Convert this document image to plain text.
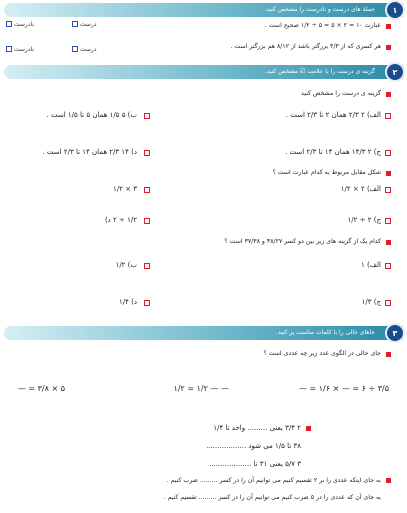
جملهٔ های درست و نادرست را مشخص کنید.	۱
عبارت ۱۰ = ۲ × ۵ = ۵ ÷ ۱/۲ صحیح است .
نادرست	درست
هر کسری که از ۴/۳ بزرگتر باشد از ۸/۱۲ هم بزرگتر است .
نادرست	درست
گزینه ی درست را با علامت ☑ مشخص کنید.	۲
گزینه ی درست را مشخص کنید
الف) ۲ ۲/۳ همان ۲ تا ۲/۳ است .
ب) ۵ ۱/۵ همان ۵ تا ۱/۵ است .
ج) ۲ ۱۴/۳ همان ۱۴ تا ۲/۳ است .
د) ۱۴ ۲/۳ همان ۱۴ تا ۲/۳ است .
شکل مقابل مربوط به کدام عبارت است ؟
الف) ۲ × ۱/۲
۳ × ۱/۲
ج) ۲ ÷ ۱/۲
۱/۲ ÷ ۲ د)
کدام یک از گزینه های زیر بین دو کسر ۳۸/۲۷ و ۳۷/۳۸ است ؟
الف) ۱
ب) ۱/۲
ج) ۱/۳
د) ۱/۴
جاهای خالی را با کلمات مناسب پر کنید.	۳
جای خالی در الگوی عدد زیر چه عددی است ؟
۳/۵ ÷ ۶ = — × ۱/۶ = —
— — ۱/۲ = ۱/۲
۵ × ۳/۸ = —
۲ ۳/۴ یعنی ......... واحد تا ۱/۴
۳۸ تا ۱/۵ می شود ..................
۳ ۵/۷ یعنی ۳۱ تا ...................
به جای اینکه عددی را بر ۲ تقسیم کنیم می توانیم آن را در کسر ......... ضرب کنیم .
به جای آن که عددی را در ۵ ضرب کنیم می توانیم آن را در کسر ......... تقسیم کنیم .
